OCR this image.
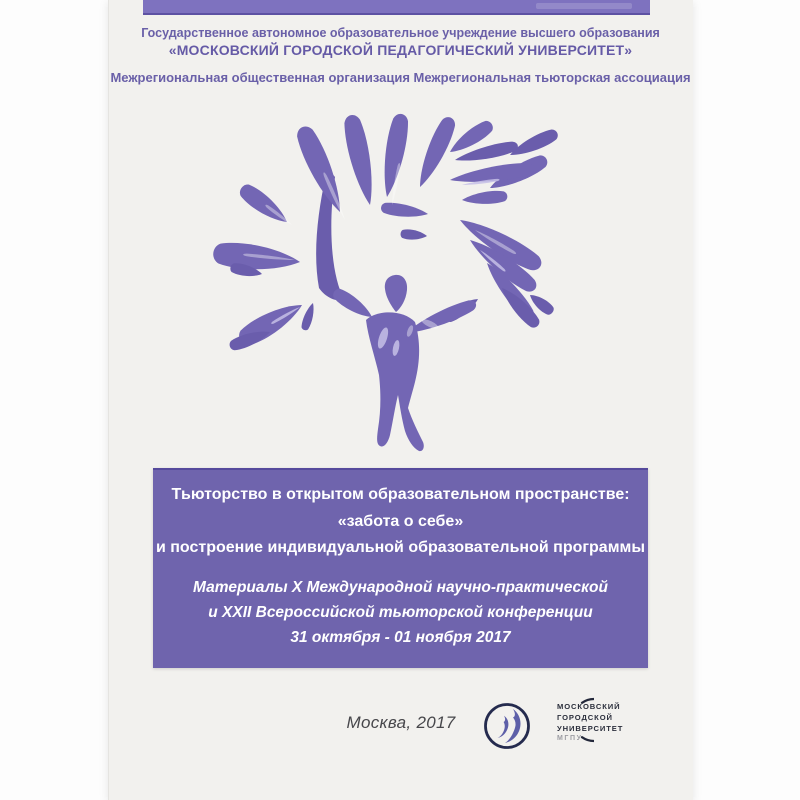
Государственное автономное образовательное учреждение высшего образования
«МОСКОВСКИЙ ГОРОДСКОЙ ПЕДАГОГИЧЕСКИЙ УНИВЕРСИТЕТ»
Межрегиональная общественная организация Межрегиональная тьюторская ассоциация
Тьюторство в открытом образовательном пространстве:
«забота о себе»
и построение индивидуальной образовательной программы
Материалы X Международной научно-практической
и XXII Всероссийской тьюторской конференции
31 октября - 01 ноября 2017
Москва, 2017
МОСКОВСКИЙ
ГОРОДСКОЙ
УНИВЕРСИТЕТ
МГПУ
